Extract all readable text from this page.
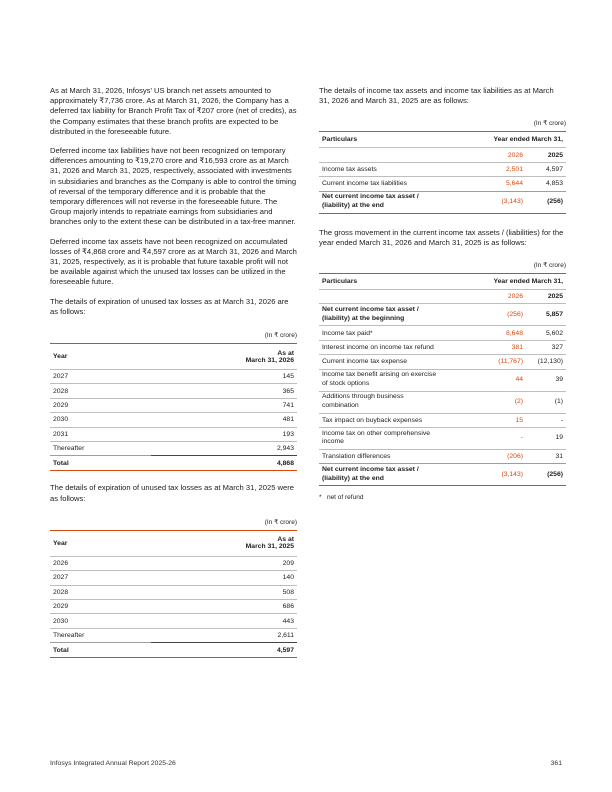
As at March 31, 2026, Infosys' US branch net assets amounted to approximately ₹7,736 crore. As at March 31, 2026, the Company has a deferred tax liability for Branch Profit Tax of ₹207 crore (net of credits), as the Company estimates that these branch profits are expected to be distributed in the foreseeable future.

Deferred income tax liabilities have not been recognized on temporary differences amounting to ₹19,270 crore and ₹16,593 crore as at March 31, 2026 and March 31, 2025, respectively, associated with investments in subsidiaries and branches as the Company is able to control the timing of reversal of the temporary difference and it is probable that the temporary differences will not reverse in the foreseeable future. The Group majorly intends to repatriate earnings from subsidiaries and branches only to the extent these can be distributed in a tax-free manner.

Deferred income tax assets have not been recognized on accumulated losses of ₹4,868 crore and ₹4,597 crore as at March 31, 2026 and March 31, 2025, respectively, as it is probable that future taxable profit will not be available against which the unused tax losses can be utilized in the foreseeable future.

The details of expiration of unused tax losses as at March 31, 2026 are as follows:

(In ₹ crore)
Year	As at
March 31, 2026
2027	145
2028	365
2029	741
2030	481
2031	193
Thereafter	2,943
Total	4,868

The details of expiration of unused tax losses as at March 31, 2025 were as follows:

(In ₹ crore)
Year	As at
March 31, 2025
2026	209
2027	140
2028	508
2029	686
2030	443
Thereafter	2,611
Total	4,597

The details of income tax assets and income tax liabilities as at March 31, 2026 and March 31, 2025 are as follows:

(In ₹ crore)
Particulars	Year ended March 31,	
	2026	2025
Income tax assets	2,501	4,597
Current income tax liabilities	5,644	4,853
Net current income tax asset /
(liability) at the end	(3,143)	(256)

The gross movement in the current income tax assets / (liabilities) for the year ended March 31, 2026 and March 31, 2025 is as follows:

(In ₹ crore)
Particulars	Year ended March 31,	
	2026	2025
Net current income tax asset /
(liability) at the beginning	(256)	5,857
Income tax paid*	8,648	5,602
Interest income on income tax refund	381	327
Current income tax expense	(11,767)	(12,130)
Income tax benefit arising on exercise
of stock options	44	39
Additions through business
combination	(2)	(1)
Tax impact on buyback expenses	15	-
Income tax on other comprehensive
income	-	19
Translation differences	(206)	31
Net current income tax asset /
(liability) at the end	(3,143)	(256)
* net of refund
Infosys Integrated Annual Report 2025-26	361
